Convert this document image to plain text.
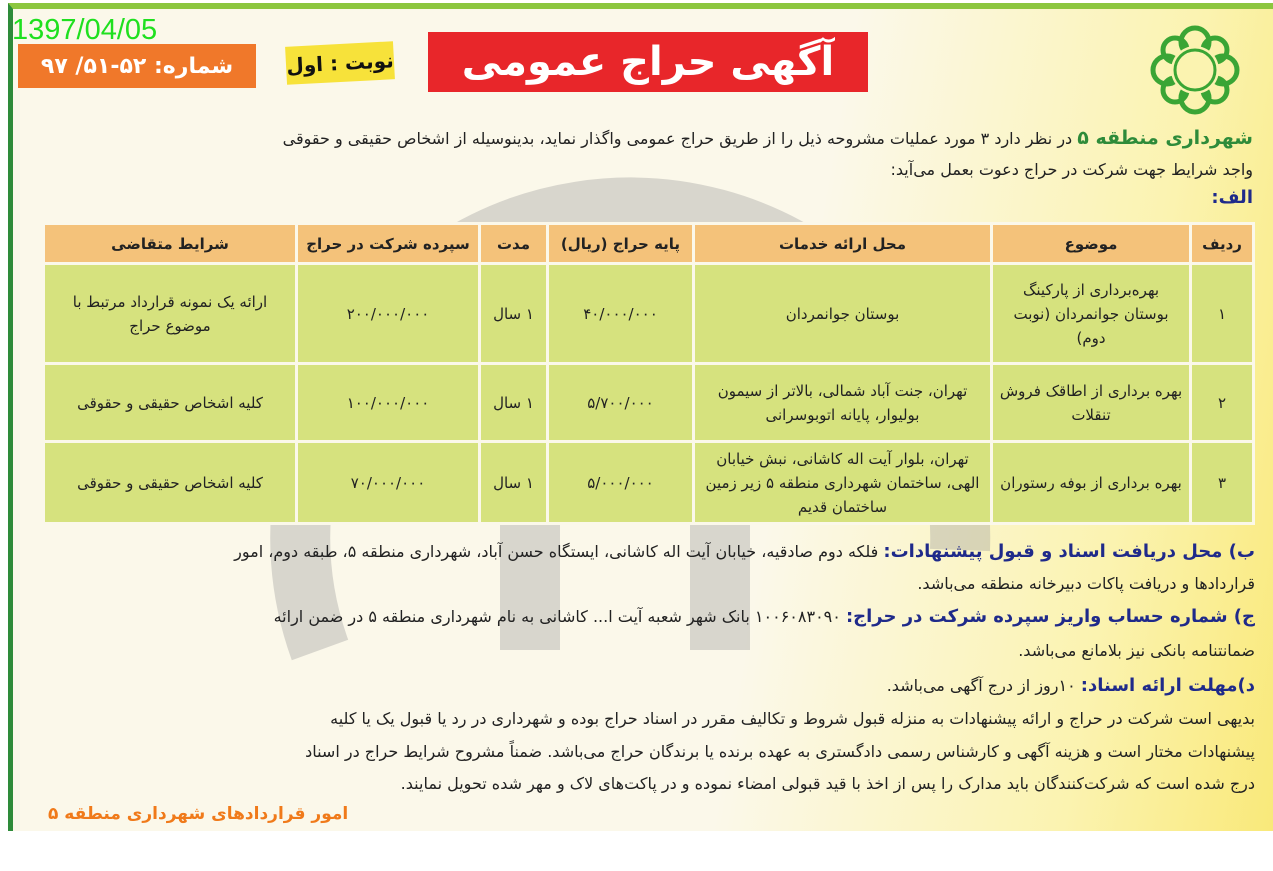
1397/04/05
شماره: ۵۲-۵۱/ ۹۷	نوبت : اول	آگهی حراج عمومی
شهرداری منطقه ۵ در نظر دارد ۳ مورد عملیات مشروحه ذیل را از طریق حراج عمومی واگذار نماید، بدینوسیله از اشخاص حقیقی و حقوقی
واجد شرایط جهت شرکت در حراج دعوت بعمل می‌آید:
الف:
ردیف	موضوع	محل ارائه خدمات	پایه حراج (ریال)	مدت	سپرده شرکت در حراج	شرایط متقاضی
۱	بهره‌برداری از پارکینگ بوستان جوانمردان (نوبت دوم)	بوستان جوانمردان	۴۰/۰۰۰/۰۰۰	۱ سال	۲۰۰/۰۰۰/۰۰۰	ارائه یک نمونه قرارداد مرتبط با موضوع حراج
۲	بهره برداری از اطاقک فروش تنقلات	تهران، جنت آباد شمالی، بالاتر از سیمون بولیوار، پایانه اتوبوسرانی	۵/۷۰۰/۰۰۰	۱ سال	۱۰۰/۰۰۰/۰۰۰	کلیه اشخاص حقیقی و حقوقی
۳	بهره برداری از بوفه رستوران	تهران، بلوار آیت اله کاشانی، نبش خیابان الهی، ساختمان شهرداری منطقه ۵ زیر زمین ساختمان قدیم	۵/۰۰۰/۰۰۰	۱ سال	۷۰/۰۰۰/۰۰۰	کلیه اشخاص حقیقی و حقوقی
ب) محل دریافت اسناد و قبول پیشنهادات: فلکه دوم صادقیه، خیابان آیت اله کاشانی، ایستگاه حسن آباد، شهرداری منطقه ۵، طبقه دوم، امور
قراردادها و دریافت پاکات دبیرخانه منطقه می‌باشد.
ج) شماره حساب واریز سپرده شرکت در حراج: ۱۰۰۶۰۸۳۰۹۰ بانک شهر شعبه آیت ا... کاشانی به نام شهرداری منطقه ۵ در ضمن ارائه
ضمانتنامه بانکی نیز بلامانع می‌باشد.
د)مهلت ارائه اسناد: ۱۰روز از درج آگهی می‌باشد.
بدیهی است شرکت در حراج و ارائه پیشنهادات به منزله قبول شروط و تکالیف مقرر در اسناد حراج بوده و شهرداری در رد یا قبول یک یا کلیه
پیشنهادات مختار است و هزینه آگهی و کارشناس رسمی دادگستری به عهده برنده یا برندگان حراج می‌باشد. ضمناً مشروح شرایط حراج در اسناد
درج شده است که شرکت‌کنندگان باید مدارک را پس از اخذ با قید قبولی امضاء نموده و در پاکت‌های لاک و مهر شده تحویل نمایند.
امور قراردادهای شهرداری منطقه ۵
